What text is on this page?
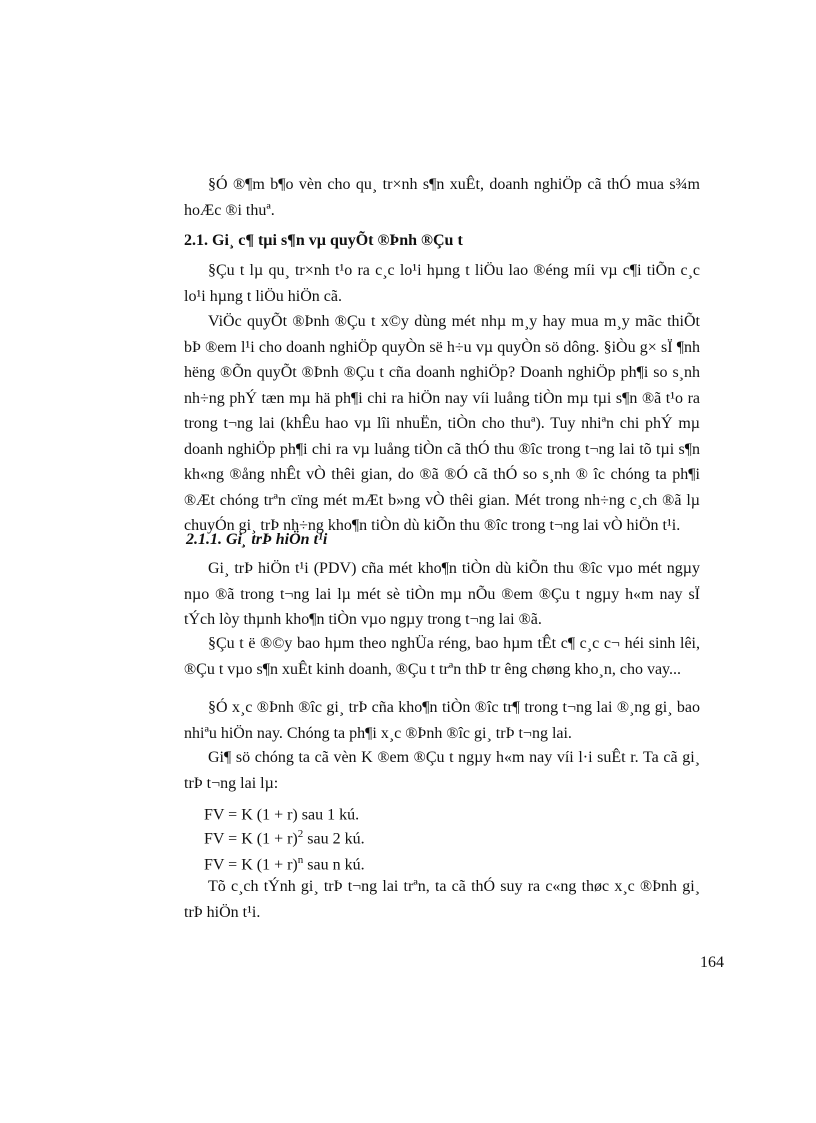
§Ó ®¶m b¶o vèn cho qu¸ tr×nh s¶n xuÊt, doanh nghiÖp cã thÓ mua s¾m hoÆc ®i thuª.

2.1. Gi¸ c¶ tµi s¶n vµ quyÕt ®Þnh ®Çu t

§Çu t lµ qu¸ tr×nh t¹o ra c¸c lo¹i hµng t liÖu lao ®éng míi vµ c¶i tiÕn c¸c lo¹i hµng t liÖu hiÖn cã.

ViÖc quyÕt ®Þnh ®Çu t x©y dùng mét nhµ m¸y hay mua m¸y mãc thiÕt bÞ ®em l¹i cho doanh nghiÖp quyÒn së h÷u vµ quyÒn sö dông. §iÒu g× sÏ ¶nh hëng ®Õn quyÕt ®Þnh ®Çu t cña doanh nghiÖp? Doanh nghiÖp ph¶i so s¸nh nh÷ng phÝ tæn mµ hä ph¶i chi ra hiÖn nay víi luång tiÒn mµ tµi s¶n ®ã t¹o ra trong t¬ng lai (khÊu hao vµ lîi nhuËn, tiÒn cho thuª). Tuy nhiªn chi phÝ mµ doanh nghiÖp ph¶i chi ra vµ luång tiÒn cã thÓ thu ®îc trong t¬ng lai tõ tµi s¶n kh«ng ®ång nhÊt vÒ thêi gian, do ®ã ®Ó cã thÓ so s¸nh ® îc chóng ta ph¶i ®Æt chóng trªn cïng mét mÆt b»ng vÒ thêi gian. Mét trong nh÷ng c¸ch ®ã lµ chuyÓn gi¸ trÞ nh÷ng kho¶n tiÒn dù kiÕn thu ®îc trong t¬ng lai vÒ hiÖn t¹i.

2.1.1. Gi¸ trÞ hiÖn t¹i

Gi¸ trÞ hiÖn t¹i (PDV) cña mét kho¶n tiÒn dù kiÕn thu ®îc vµo mét ngµy nµo ®ã trong t¬ng lai lµ mét sè tiÒn mµ nÕu ®em ®Çu t ngµy h«m nay sÏ tÝch lòy thµnh kho¶n tiÒn vµo ngµy trong t¬ng lai ®ã.

§Çu t ë ®©y bao hµm theo nghÜa réng, bao hµm tÊt c¶ c¸c c¬ héi sinh lêi, ®Çu t vµo s¶n xuÊt kinh doanh, ®Çu t trªn thÞ tr êng chøng kho¸n, cho vay...

§Ó x¸c ®Þnh ®îc gi¸ trÞ cña kho¶n tiÒn ®îc tr¶ trong t¬ng lai ®¸ng gi¸ bao nhiªu hiÖn nay. Chóng ta ph¶i x¸c ®Þnh ®îc gi¸ trÞ t¬ng lai.

Gi¶ sö chóng ta cã vèn K ®em ®Çu t ngµy h«m nay víi l·i suÊt r. Ta cã gi¸ trÞ t¬ng lai lµ:

FV = K (1 + r) sau 1 kú.

FV = K $(1 + r)^2$ sau 2 kú.

FV = K $(1 + r)^n$ sau n kú.

Tõ c¸ch tÝnh gi¸ trÞ t¬ng lai trªn, ta cã thÓ suy ra c«ng thøc x¸c ®Þnh gi¸ trÞ hiÖn t¹i.

164
